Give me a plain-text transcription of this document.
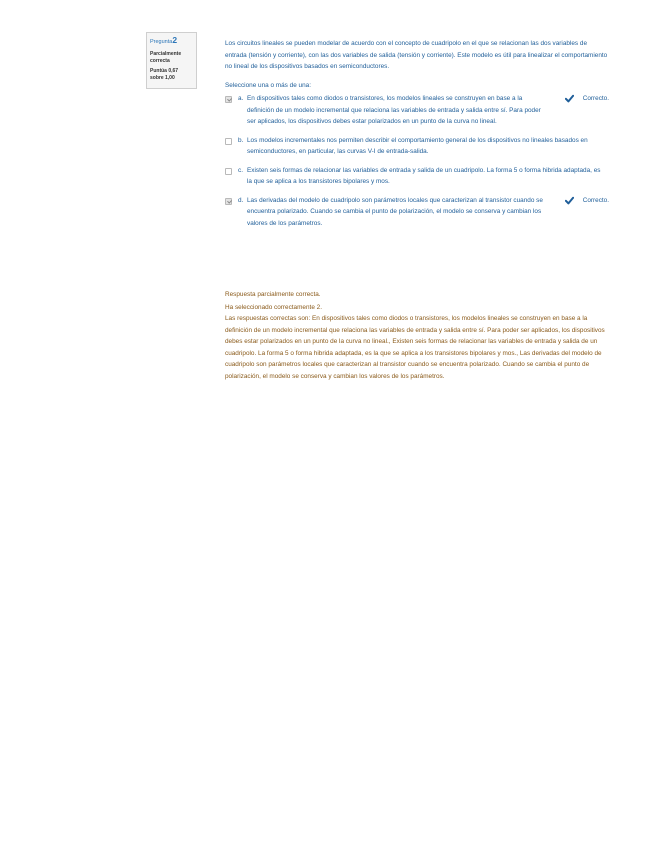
Pregunta2
Parcialmente correcta
Puntúa 0,67 sobre 1,00

Los circuitos lineales se pueden modelar de acuerdo con el concepto de cuadripolo en el que se relacionan las dos variables de entrada (tensión y corriente), con las dos variables de salida (tensión y corriente). Este modelo es útil para linealizar el comportamiento no lineal de los dispositivos basados en semiconductores.

Seleccione una o más de una:
a. En dispositivos tales como diodos o transistores, los modelos lineales se construyen en base a la definición de un modelo incremental que relaciona las variables de entrada y salida entre sí. Para poder ser aplicados, los dispositivos debes estar polarizados en un punto de la curva no lineal.
Correcto.
b. Los modelos incrementales nos permiten describir el comportamiento general de los dispositivos no lineales basados en semiconductores, en particular, las curvas V-I de entrada-salida.
c. Existen seis formas de relacionar las variables de entrada y salida de un cuadripolo. La forma 5 o forma hibrida adaptada, es la que se aplica a los transistores bipolares y mos.
d. Las derivadas del modelo de cuadripolo son parámetros locales que caracterizan al transistor cuando se encuentra polarizado. Cuando se cambia el punto de polarización, el modelo se conserva y cambian los valores de los parámetros.
Correcto.

Respuesta parcialmente correcta.

Ha seleccionado correctamente 2.

Las respuestas correctas son: En dispositivos tales como diodos o transistores, los modelos lineales se construyen en base a la definición de un modelo incremental que relaciona las variables de entrada y salida entre sí. Para poder ser aplicados, los dispositivos debes estar polarizados en un punto de la curva no lineal., Existen seis formas de relacionar las variables de entrada y salida de un cuadripolo. La forma 5 o forma hibrida adaptada, es la que se aplica a los transistores bipolares y mos., Las derivadas del modelo de cuadripolo son parámetros locales que caracterizan al transistor cuando se encuentra polarizado. Cuando se cambia el punto de polarización, el modelo se conserva y cambian los valores de los parámetros.
